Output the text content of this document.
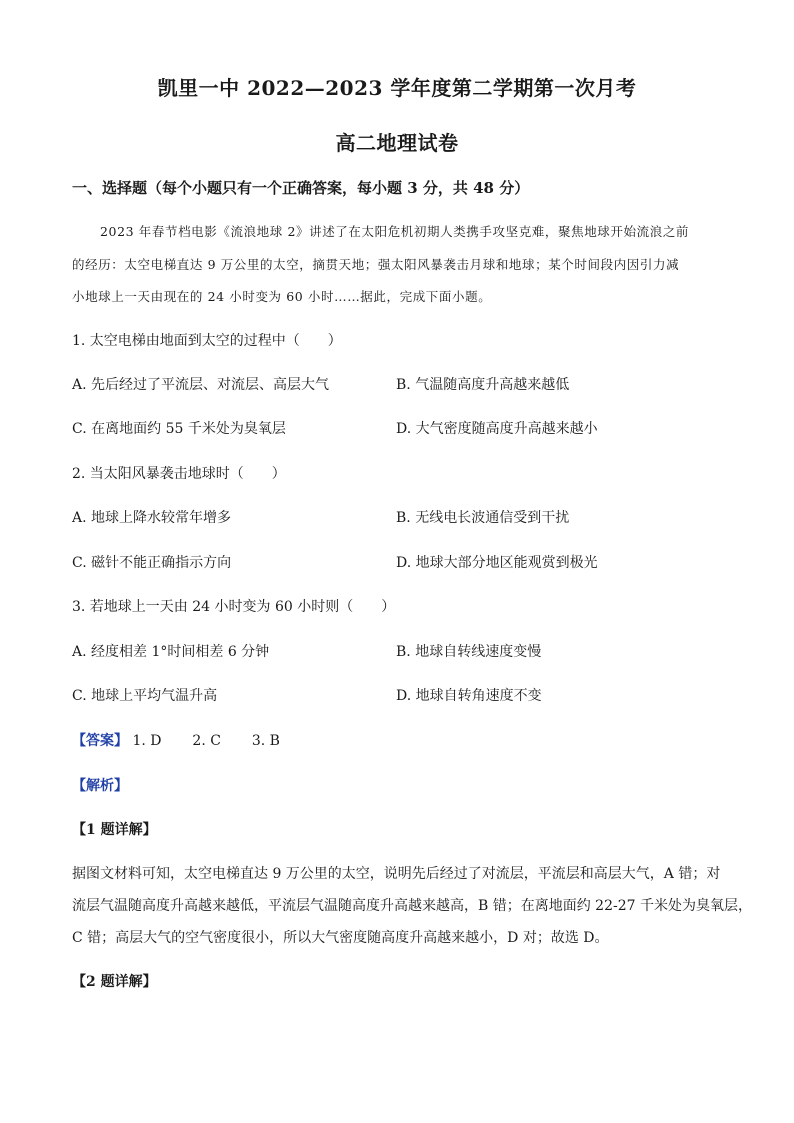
凯里一中 2022—2023 学年度第二学期第一次月考
高二地理试卷
一、选择题（每个小题只有一个正确答案，每小题 3 分，共 48 分）
2023 年春节档电影《流浪地球 2》讲述了在太阳危机初期人类携手攻坚克难，聚焦地球开始流浪之前
的经历：太空电梯直达 9 万公里的太空，摘贯天地；强太阳风暴袭击月球和地球；某个时间段内因引力减
小地球上一天由现在的 24 小时变为 60 小时……据此，完成下面小题。
1. 太空电梯由地面到太空的过程中（　　）
A. 先后经过了平流层、对流层、高层大气	B. 气温随高度升高越来越低
C. 在离地面约 55 千米处为臭氧层	D. 大气密度随高度升高越来越小
2. 当太阳风暴袭击地球时（　　）
A. 地球上降水较常年增多	B. 无线电长波通信受到干扰
C. 磁针不能正确指示方向	D. 地球大部分地区能观赏到极光
3. 若地球上一天由 24 小时变为 60 小时则（　　）
A. 经度相差 1°时间相差 6 分钟	B. 地球自转线速度变慢
C. 地球上平均气温升高	D. 地球自转角速度不变
【答案】 1. D 2. C 3. B
【解析】
【1 题详解】
据图文材料可知，太空电梯直达 9 万公里的太空，说明先后经过了对流层，平流层和高层大气，A 错；对
流层气温随高度升高越来越低，平流层气温随高度升高越来越高，B 错；在离地面约 22-27 千米处为臭氧层，
C 错；高层大气的空气密度很小，所以大气密度随高度升高越来越小，D 对；故选 D。
【2 题详解】
